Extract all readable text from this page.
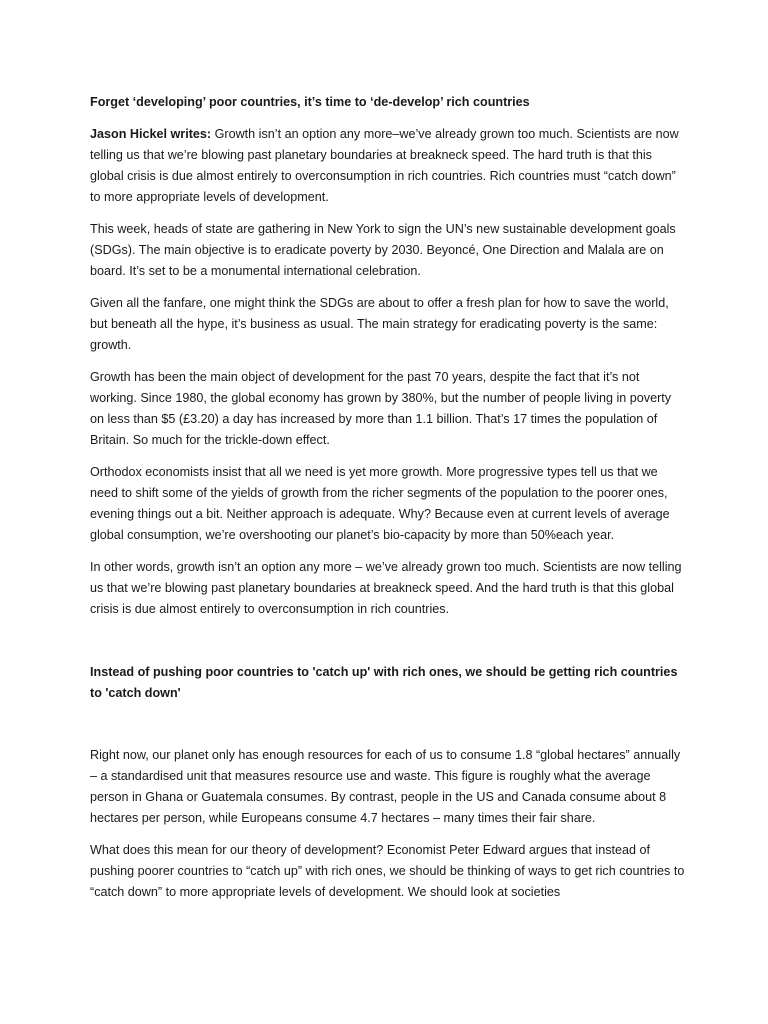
Forget ‘developing’ poor countries, it’s time to ‘de-develop’ rich countries

Jason Hickel writes: Growth isn’t an option any more–we’ve already grown too much. Scientists are now telling us that we’re blowing past planetary boundaries at breakneck speed. The hard truth is that this global crisis is due almost entirely to overconsumption in rich countries. Rich countries must “catch down” to more appropriate levels of development.

This week, heads of state are gathering in New York to sign the UN’s new sustainable development goals (SDGs). The main objective is to eradicate poverty by 2030. Beyoncé, One Direction and Malala are on board. It’s set to be a monumental international celebration.

Given all the fanfare, one might think the SDGs are about to offer a fresh plan for how to save the world, but beneath all the hype, it’s business as usual. The main strategy for eradicating poverty is the same: growth.

Growth has been the main object of development for the past 70 years, despite the fact that it’s not working. Since 1980, the global economy has grown by 380%, but the number of people living in poverty on less than $5 (£3.20) a day has increased by more than 1.1 billion. That’s 17 times the population of Britain. So much for the trickle-down effect.

Orthodox economists insist that all we need is yet more growth. More progressive types tell us that we need to shift some of the yields of growth from the richer segments of the population to the poorer ones, evening things out a bit. Neither approach is adequate. Why? Because even at current levels of average global consumption, we’re overshooting our planet’s bio-capacity by more than 50%each year.

In other words, growth isn’t an option any more – we’ve already grown too much. Scientists are now telling us that we’re blowing past planetary boundaries at breakneck speed. And the hard truth is that this global crisis is due almost entirely to overconsumption in rich countries.

Instead of pushing poor countries to 'catch up' with rich ones, we should be getting rich countries to 'catch down'

Right now, our planet only has enough resources for each of us to consume 1.8 “global hectares” annually – a standardised unit that measures resource use and waste. This figure is roughly what the average person in Ghana or Guatemala consumes. By contrast, people in the US and Canada consume about 8 hectares per person, while Europeans consume 4.7 hectares – many times their fair share.

What does this mean for our theory of development? Economist Peter Edward argues that instead of pushing poorer countries to “catch up” with rich ones, we should be thinking of ways to get rich countries to “catch down” to more appropriate levels of development. We should look at societies
